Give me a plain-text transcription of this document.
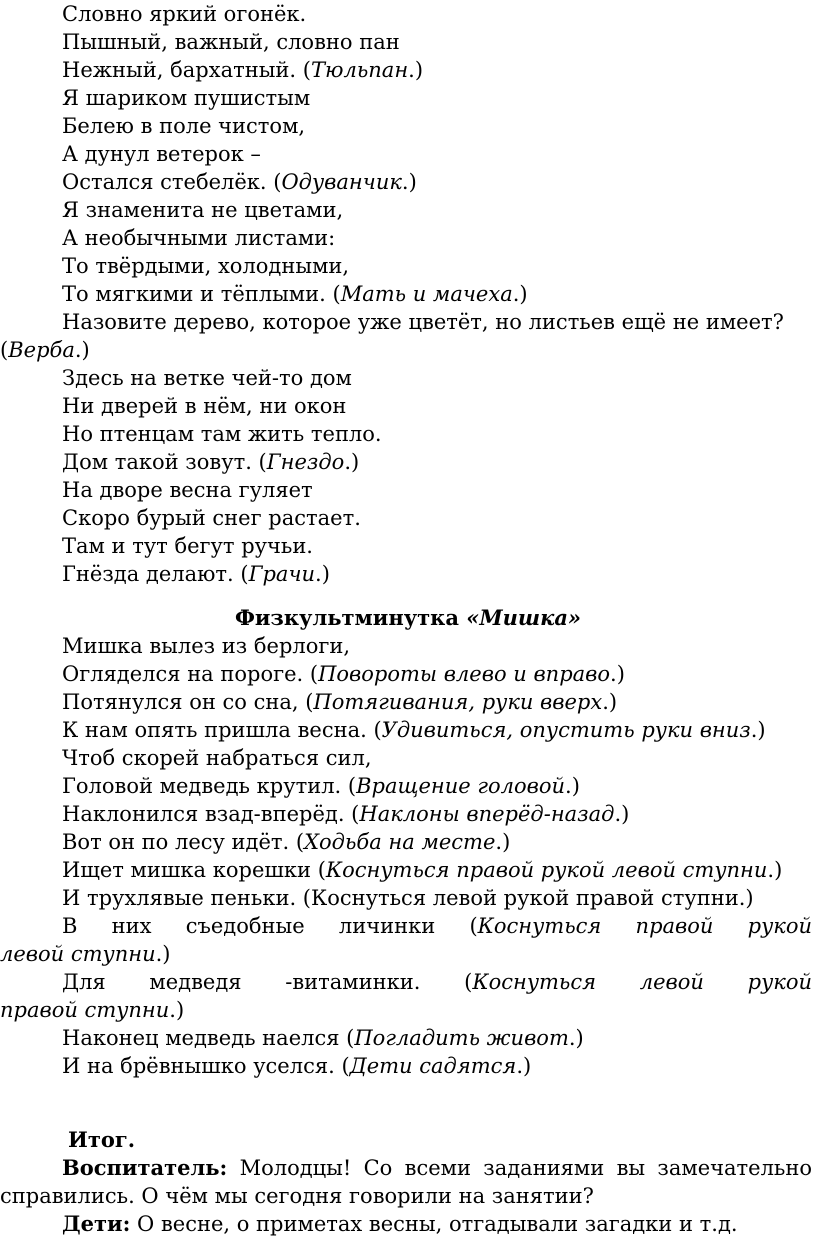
Словно яркий огонёк.
Пышный, важный, словно пан
Нежный, бархатный. (Тюльпан.)
Я шариком пушистым
Белею в поле чистом,
А дунул ветерок –
Остался стебелёк. (Одуванчик.)
Я знаменита не цветами,
А необычными листами:
То твёрдыми, холодными,
То мягкими и тёплыми. (Мать и мачеха.)
Назовите дерево, которое уже цветёт, но листьев ещё не имеет?
(Верба.)
Здесь на ветке чей-то дом
Ни дверей в нём, ни окон
Но птенцам там жить тепло.
Дом такой зовут. (Гнездо.)
На дворе весна гуляет
Скоро бурый снег растает.
Там и тут бегут ручьи.
Гнёзда делают. (Грачи.)
Физкультминутка «Мишка»
Мишка вылез из берлоги,
Огляделся на пороге. (Повороты влево и вправо.)
Потянулся он со сна, (Потягивания, руки вверх.)
К нам опять пришла весна. (Удивиться, опустить руки вниз.)
Чтоб скорей набраться сил,
Головой медведь крутил. (Вращение головой.)
Наклонился взад-вперёд. (Наклоны вперёд-назад.)
Вот он по лесу идёт. (Ходьба на месте.)
Ищет мишка корешки (Коснуться правой рукой левой ступни.)
И трухлявые пеньки. (Коснуться левой рукой правой ступни.)
В них съедобные личинки (Коснуться правой рукой
левой ступни.)
Для медведя -витаминки. (Коснуться левой рукой
правой ступни.)
Наконец медведь наелся (Погладить живот.)
И на брёвнышко уселся. (Дети садятся.)
Итог.
Воспитатель: Молодцы! Со всеми заданиями вы замечательно
справились. О чём мы сегодня говорили на занятии?
Дети: О весне, о приметах весны, отгадывали загадки и т.д.
